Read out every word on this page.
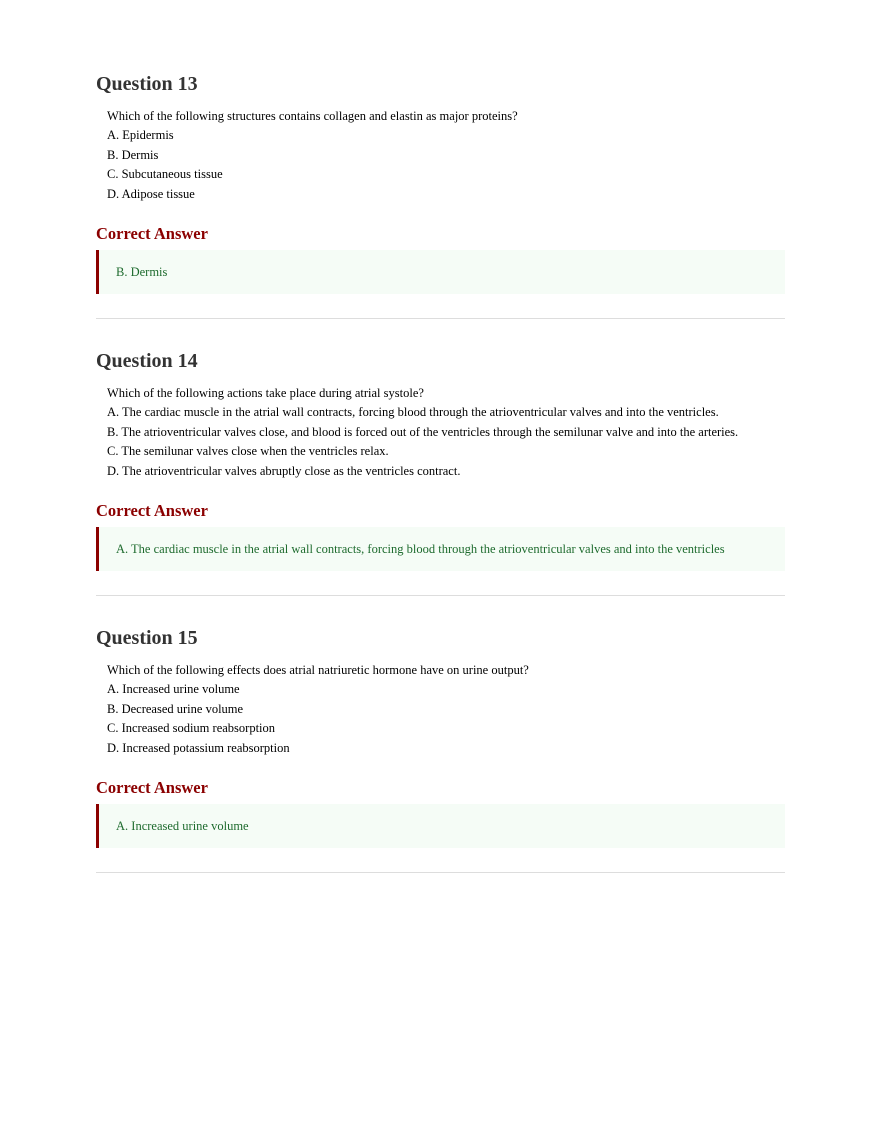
Question 13
Which of the following structures contains collagen and elastin as major proteins?
A. Epidermis
B. Dermis
C. Subcutaneous tissue
D. Adipose tissue
Correct Answer
B. Dermis
Question 14
Which of the following actions take place during atrial systole?
A. The cardiac muscle in the atrial wall contracts, forcing blood through the atrioventricular valves and into the ventricles.
B. The atrioventricular valves close, and blood is forced out of the ventricles through the semilunar valve and into the arteries.
C. The semilunar valves close when the ventricles relax.
D. The atrioventricular valves abruptly close as the ventricles contract.
Correct Answer
A. The cardiac muscle in the atrial wall contracts, forcing blood through the atrioventricular valves and into the ventricles
Question 15
Which of the following effects does atrial natriuretic hormone have on urine output?
A. Increased urine volume
B. Decreased urine volume
C. Increased sodium reabsorption
D. Increased potassium reabsorption
Correct Answer
A. Increased urine volume
